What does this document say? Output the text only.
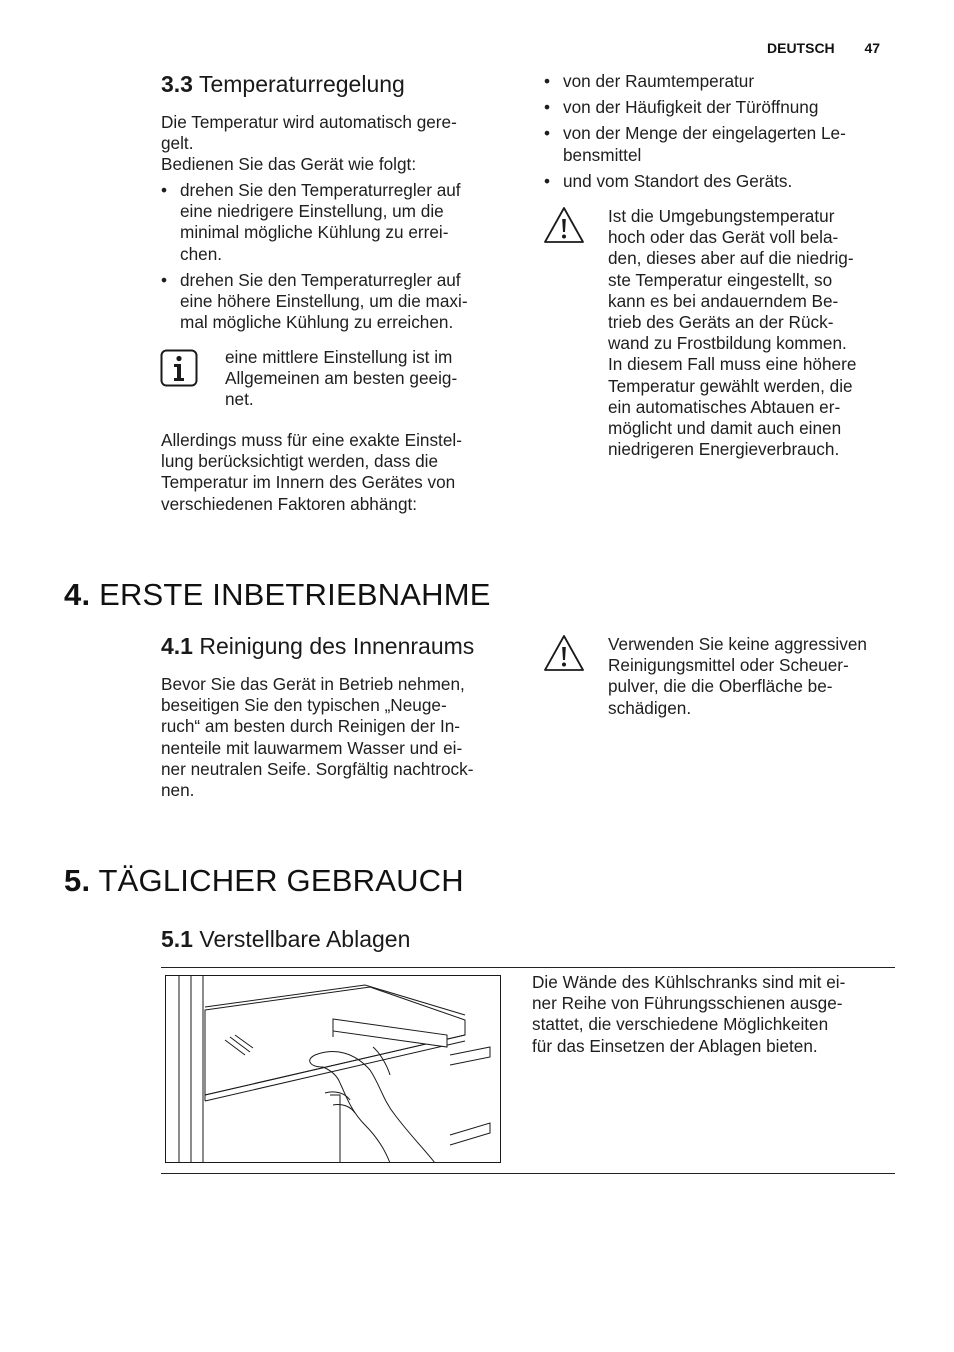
DEUTSCH 47
3.3 Temperaturregelung
Die Temperatur wird automatisch gere-
gelt.
Bedienen Sie das Gerät wie folgt:
• drehen Sie den Temperaturregler auf
eine niedrigere Einstellung, um die
minimal mögliche Kühlung zu errei-
chen.
• drehen Sie den Temperaturregler auf
eine höhere Einstellung, um die maxi-
mal mögliche Kühlung zu erreichen.
eine mittlere Einstellung ist im
Allgemeinen am besten geeig-
net.
Allerdings muss für eine exakte Einstel-
lung berücksichtigt werden, dass die
Temperatur im Innern des Gerätes von
verschiedenen Faktoren abhängt:
• von der Raumtemperatur
• von der Häufigkeit der Türöffnung
• von der Menge der eingelagerten Le-
bensmittel
• und vom Standort des Geräts.
Ist die Umgebungstemperatur
hoch oder das Gerät voll bela-
den, dieses aber auf die niedrig-
ste Temperatur eingestellt, so
kann es bei andauerndem Be-
trieb des Geräts an der Rück-
wand zu Frostbildung kommen.
In diesem Fall muss eine höhere
Temperatur gewählt werden, die
ein automatisches Abtauen er-
möglicht und damit auch einen
niedrigeren Energieverbrauch.
4. ERSTE INBETRIEBNAHME
4.1 Reinigung des Innenraums
Bevor Sie das Gerät in Betrieb nehmen,
beseitigen Sie den typischen „Neuge-
ruch“ am besten durch Reinigen der In-
nenteile mit lauwarmem Wasser und ei-
ner neutralen Seife. Sorgfältig nachtrock-
nen.
Verwenden Sie keine aggressiven
Reinigungsmittel oder Scheuer-
pulver, die die Oberfläche be-
schädigen.
5. TÄGLICHER GEBRAUCH
5.1 Verstellbare Ablagen
Die Wände des Kühlschranks sind mit ei-
ner Reihe von Führungsschienen ausge-
stattet, die verschiedene Möglichkeiten
für das Einsetzen der Ablagen bieten.
